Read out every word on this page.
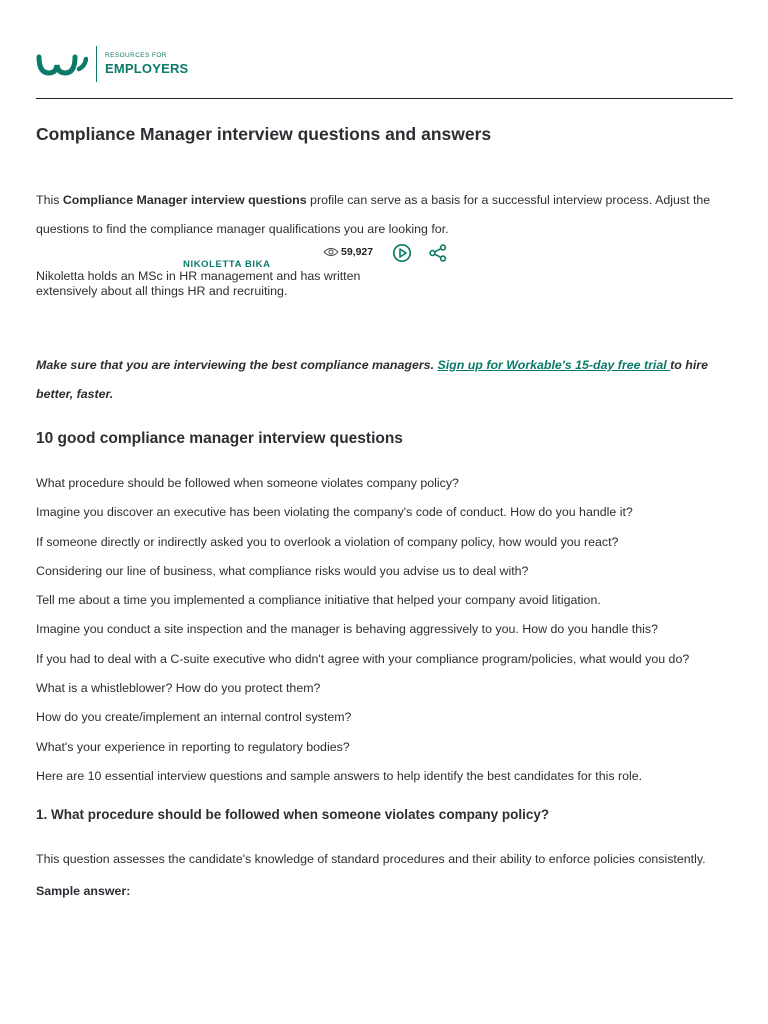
RESOURCES FOR
EMPLOYERS
Compliance Manager interview questions and answers

This Compliance Manager interview questions profile can serve as a basis for a successful interview process. Adjust the questions to find the compliance manager qualifications you are looking for.

NIKOLETTA BIKA
59,927

Nikoletta holds an MSc in HR management and has written extensively about all things HR and recruiting.

Make sure that you are interviewing the best compliance managers. Sign up for Workable's 15-day free trial to hire better, faster.

10 good compliance manager interview questions

What procedure should be followed when someone violates company policy?

Imagine you discover an executive has been violating the company's code of conduct. How do you handle it?

If someone directly or indirectly asked you to overlook a violation of company policy, how would you react?

Considering our line of business, what compliance risks would you advise us to deal with?

Tell me about a time you implemented a compliance initiative that helped your company avoid litigation.

Imagine you conduct a site inspection and the manager is behaving aggressively to you. How do you handle this?

If you had to deal with a C-suite executive who didn't agree with your compliance program/policies, what would you do?

What is a whistleblower? How do you protect them?

How do you create/implement an internal control system?

What's your experience in reporting to regulatory bodies?

Here are 10 essential interview questions and sample answers to help identify the best candidates for this role.

1. What procedure should be followed when someone violates company policy?

This question assesses the candidate's knowledge of standard procedures and their ability to enforce policies consistently.

Sample answer:
